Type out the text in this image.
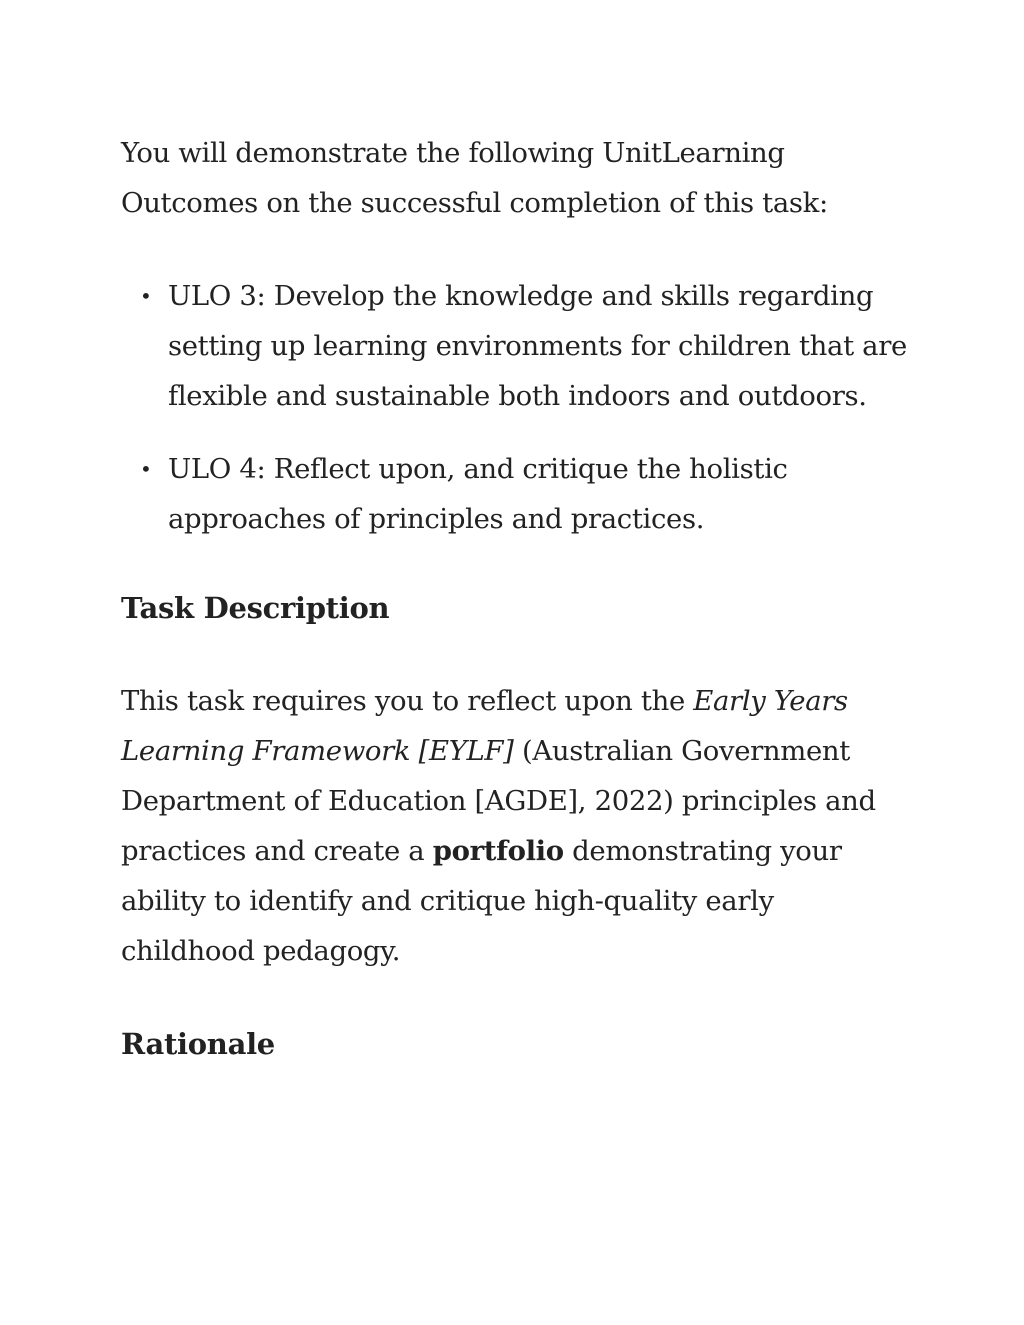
You will demonstrate the following UnitLearning Outcomes on the successful completion of this task:

• ULO 3: Develop the knowledge and skills regarding setting up learning environments for children that are flexible and sustainable both indoors and outdoors.
• ULO 4: Reflect upon, and critique the holistic approaches of principles and practices.
Task Description

This task requires you to reflect upon the Early Years Learning Framework [EYLF] (Australian Government Department of Education [AGDE], 2022) principles and practices and create a portfolio demonstrating your ability to identify and critique high-quality early childhood pedagogy.

Rationale
